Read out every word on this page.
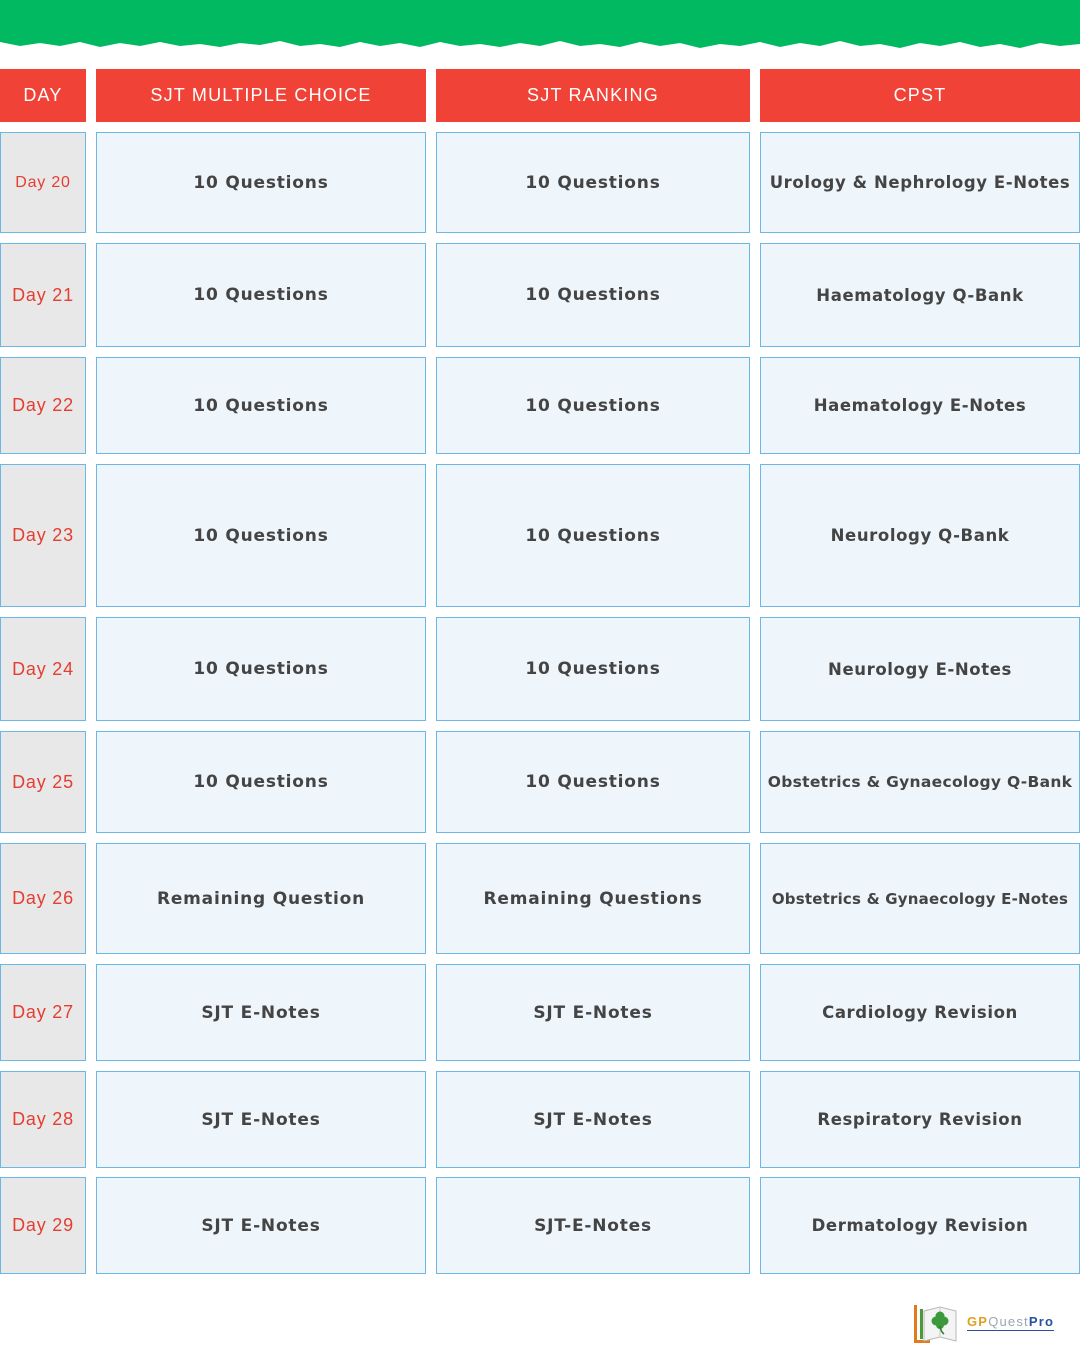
DAY	SJT MULTIPLE CHOICE	SJT RANKING	CPST
Day 20	10 Questions	10 Questions	Urology & Nephrology E-Notes
Day 21	10 Questions	10 Questions	Haematology Q-Bank
Day 22	10 Questions	10 Questions	Haematology E-Notes
Day 23	10 Questions	10 Questions	Neurology Q-Bank
Day 24	10 Questions	10 Questions	Neurology E-Notes
Day 25	10 Questions	10 Questions	Obstetrics & Gynaecology Q-Bank
Day 26	Remaining Question	Remaining Questions	Obstetrics & Gynaecology E-Notes
Day 27	SJT E-Notes	SJT E-Notes	Cardiology Revision
Day 28	SJT E-Notes	SJT E-Notes	Respiratory Revision
Day 29	SJT E-Notes	SJT-E-Notes	Dermatology Revision
GPQuestPro
